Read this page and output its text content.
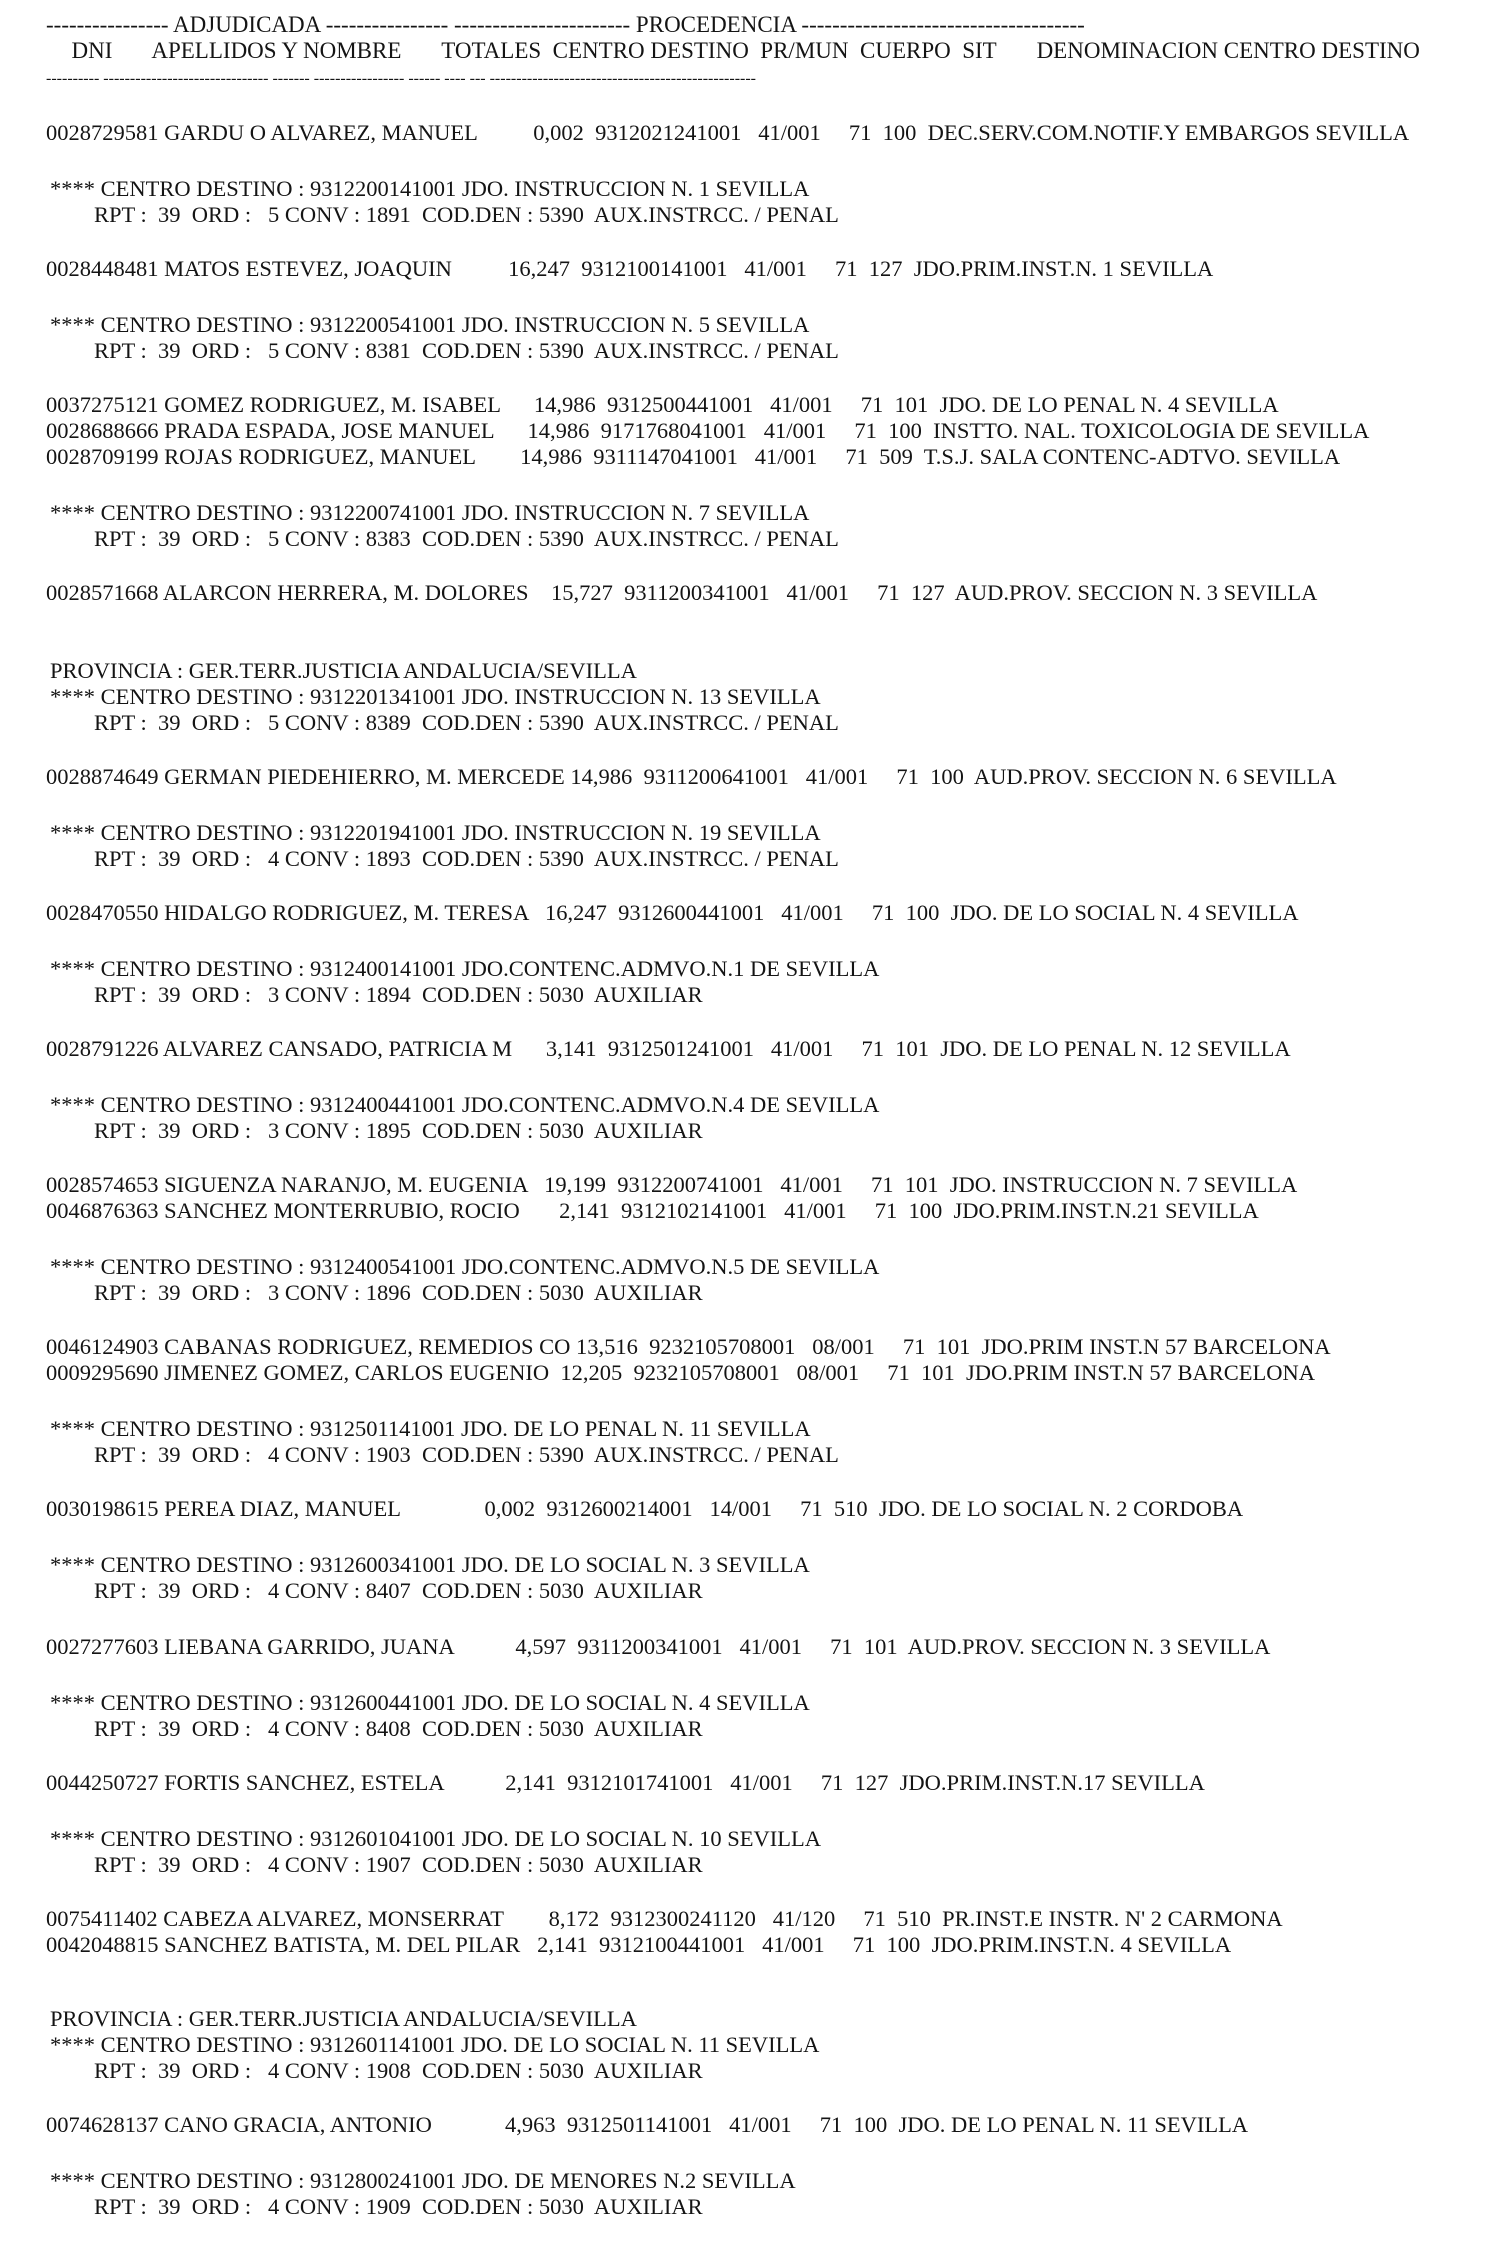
---------------- ADJUDICADA ---------------- ----------------------- PROCEDENCIA -------------------------------------
DNI       APELLIDOS Y NOMBRE       TOTALES  CENTRO DESTINO  PR/MUN  CUERPO  SIT       DENOMINACION CENTRO DESTINO
---------- ------------------------------- ------- ----------------- ------ ---- --- --------------------------------------------------
0028729581 GARDU O ALVAREZ, MANUEL          0,002  9312021241001   41/001     71  100  DEC.SERV.COM.NOTIF.Y EMBARGOS SEVILLA
**** CENTRO DESTINO : 9312200141001 JDO. INSTRUCCION N. 1 SEVILLA
RPT :  39  ORD :   5 CONV : 1891  COD.DEN : 5390  AUX.INSTRCC. / PENAL
0028448481 MATOS ESTEVEZ, JOAQUIN          16,247  9312100141001   41/001     71  127  JDO.PRIM.INST.N. 1 SEVILLA
**** CENTRO DESTINO : 9312200541001 JDO. INSTRUCCION N. 5 SEVILLA
RPT :  39  ORD :   5 CONV : 8381  COD.DEN : 5390  AUX.INSTRCC. / PENAL
0037275121 GOMEZ RODRIGUEZ, M. ISABEL      14,986  9312500441001   41/001     71  101  JDO. DE LO PENAL N. 4 SEVILLA
0028688666 PRADA ESPADA, JOSE MANUEL      14,986  9171768041001   41/001     71  100  INSTTO. NAL. TOXICOLOGIA DE SEVILLA
0028709199 ROJAS RODRIGUEZ, MANUEL        14,986  9311147041001   41/001     71  509  T.S.J. SALA CONTENC-ADTVO. SEVILLA
**** CENTRO DESTINO : 9312200741001 JDO. INSTRUCCION N. 7 SEVILLA
RPT :  39  ORD :   5 CONV : 8383  COD.DEN : 5390  AUX.INSTRCC. / PENAL
0028571668 ALARCON HERRERA, M. DOLORES    15,727  9311200341001   41/001     71  127  AUD.PROV. SECCION N. 3 SEVILLA
PROVINCIA : GER.TERR.JUSTICIA ANDALUCIA/SEVILLA
**** CENTRO DESTINO : 9312201341001 JDO. INSTRUCCION N. 13 SEVILLA
RPT :  39  ORD :   5 CONV : 8389  COD.DEN : 5390  AUX.INSTRCC. / PENAL
0028874649 GERMAN PIEDEHIERRO, M. MERCEDE 14,986  9311200641001   41/001     71  100  AUD.PROV. SECCION N. 6 SEVILLA
**** CENTRO DESTINO : 9312201941001 JDO. INSTRUCCION N. 19 SEVILLA
RPT :  39  ORD :   4 CONV : 1893  COD.DEN : 5390  AUX.INSTRCC. / PENAL
0028470550 HIDALGO RODRIGUEZ, M. TERESA   16,247  9312600441001   41/001     71  100  JDO. DE LO SOCIAL N. 4 SEVILLA
**** CENTRO DESTINO : 9312400141001 JDO.CONTENC.ADMVO.N.1 DE SEVILLA
RPT :  39  ORD :   3 CONV : 1894  COD.DEN : 5030  AUXILIAR
0028791226 ALVAREZ CANSADO, PATRICIA M      3,141  9312501241001   41/001     71  101  JDO. DE LO PENAL N. 12 SEVILLA
**** CENTRO DESTINO : 9312400441001 JDO.CONTENC.ADMVO.N.4 DE SEVILLA
RPT :  39  ORD :   3 CONV : 1895  COD.DEN : 5030  AUXILIAR
0028574653 SIGUENZA NARANJO, M. EUGENIA   19,199  9312200741001   41/001     71  101  JDO. INSTRUCCION N. 7 SEVILLA
0046876363 SANCHEZ MONTERRUBIO, ROCIO       2,141  9312102141001   41/001     71  100  JDO.PRIM.INST.N.21 SEVILLA
**** CENTRO DESTINO : 9312400541001 JDO.CONTENC.ADMVO.N.5 DE SEVILLA
RPT :  39  ORD :   3 CONV : 1896  COD.DEN : 5030  AUXILIAR
0046124903 CABANAS RODRIGUEZ, REMEDIOS CO 13,516  9232105708001   08/001     71  101  JDO.PRIM INST.N 57 BARCELONA
0009295690 JIMENEZ GOMEZ, CARLOS EUGENIO  12,205  9232105708001   08/001     71  101  JDO.PRIM INST.N 57 BARCELONA
**** CENTRO DESTINO : 9312501141001 JDO. DE LO PENAL N. 11 SEVILLA
RPT :  39  ORD :   4 CONV : 1903  COD.DEN : 5390  AUX.INSTRCC. / PENAL
0030198615 PEREA DIAZ, MANUEL               0,002  9312600214001   14/001     71  510  JDO. DE LO SOCIAL N. 2 CORDOBA
**** CENTRO DESTINO : 9312600341001 JDO. DE LO SOCIAL N. 3 SEVILLA
RPT :  39  ORD :   4 CONV : 8407  COD.DEN : 5030  AUXILIAR
0027277603 LIEBANA GARRIDO, JUANA           4,597  9311200341001   41/001     71  101  AUD.PROV. SECCION N. 3 SEVILLA
**** CENTRO DESTINO : 9312600441001 JDO. DE LO SOCIAL N. 4 SEVILLA
RPT :  39  ORD :   4 CONV : 8408  COD.DEN : 5030  AUXILIAR
0044250727 FORTIS SANCHEZ, ESTELA           2,141  9312101741001   41/001     71  127  JDO.PRIM.INST.N.17 SEVILLA
**** CENTRO DESTINO : 9312601041001 JDO. DE LO SOCIAL N. 10 SEVILLA
RPT :  39  ORD :   4 CONV : 1907  COD.DEN : 5030  AUXILIAR
0075411402 CABEZA ALVAREZ, MONSERRAT        8,172  9312300241120   41/120     71  510  PR.INST.E INSTR. N' 2 CARMONA
0042048815 SANCHEZ BATISTA, M. DEL PILAR   2,141  9312100441001   41/001     71  100  JDO.PRIM.INST.N. 4 SEVILLA
PROVINCIA : GER.TERR.JUSTICIA ANDALUCIA/SEVILLA
**** CENTRO DESTINO : 9312601141001 JDO. DE LO SOCIAL N. 11 SEVILLA
RPT :  39  ORD :   4 CONV : 1908  COD.DEN : 5030  AUXILIAR
0074628137 CANO GRACIA, ANTONIO             4,963  9312501141001   41/001     71  100  JDO. DE LO PENAL N. 11 SEVILLA
**** CENTRO DESTINO : 9312800241001 JDO. DE MENORES N.2 SEVILLA
RPT :  39  ORD :   4 CONV : 1909  COD.DEN : 5030  AUXILIAR
